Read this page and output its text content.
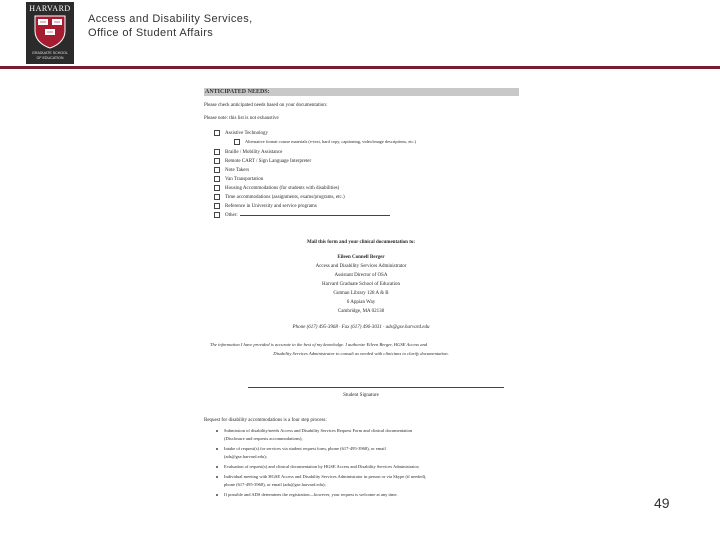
HARVARD
GRADUATE SCHOOL
OF EDUCATION
Access and Disability Services,
Office of Student Affairs
ANTICIPATED NEEDS:
Please check anticipated needs based on your documentation:
Please note: this list is not exhaustive
Assistive Technology
Alternative format course materials (e-text, hard copy, captioning, video/image descriptions, etc.)
Braille / Mobility Assistance
Remote CART / Sign Language Interpreter
Note Takers
Van Transportation
Housing Accommodations (for students with disabilities)
Time accommodations (assignments, exams/programs, etc.)
Reference in University and service programs
Other:
Mail this form and your clinical documentation to:
Eileen Connell Berger
Access and Disability Services Administrator
Assistant Director of OSA
Harvard Graduate School of Education
Gutman Library 128 A & B
6 Appian Way
Cambridge, MA 02138
Phone (617) 495-3968 · Fax (617) 496-3031 · ads@gse.harvard.edu
The information I have provided is accurate to the best of my knowledge. I authorize Eileen Berger, HGSE Access and
Disability Services Administrator to consult as needed with clinicians to clarify documentation.
Student Signature
Request for disability accommodations is a four step process:
Submission of disability/needs Access and Disability Services Request Form and clinical documentation
(Disclosure and requests accommodations);
Intake of request(s) for services via student request form, phone (617-495-3968), or email
(ads@gse.harvard.edu);
Evaluation of request(s) and clinical documentation by HGSE Access and Disability Services Administrator;
Individual meeting with HGSE Access and Disability Services Administrator in person or via Skype (if needed),
phone (617-495-3968), or email (ads@gse.harvard.edu);
If possible and ADS determines the registration—however, your request is welcome at any time.
49
